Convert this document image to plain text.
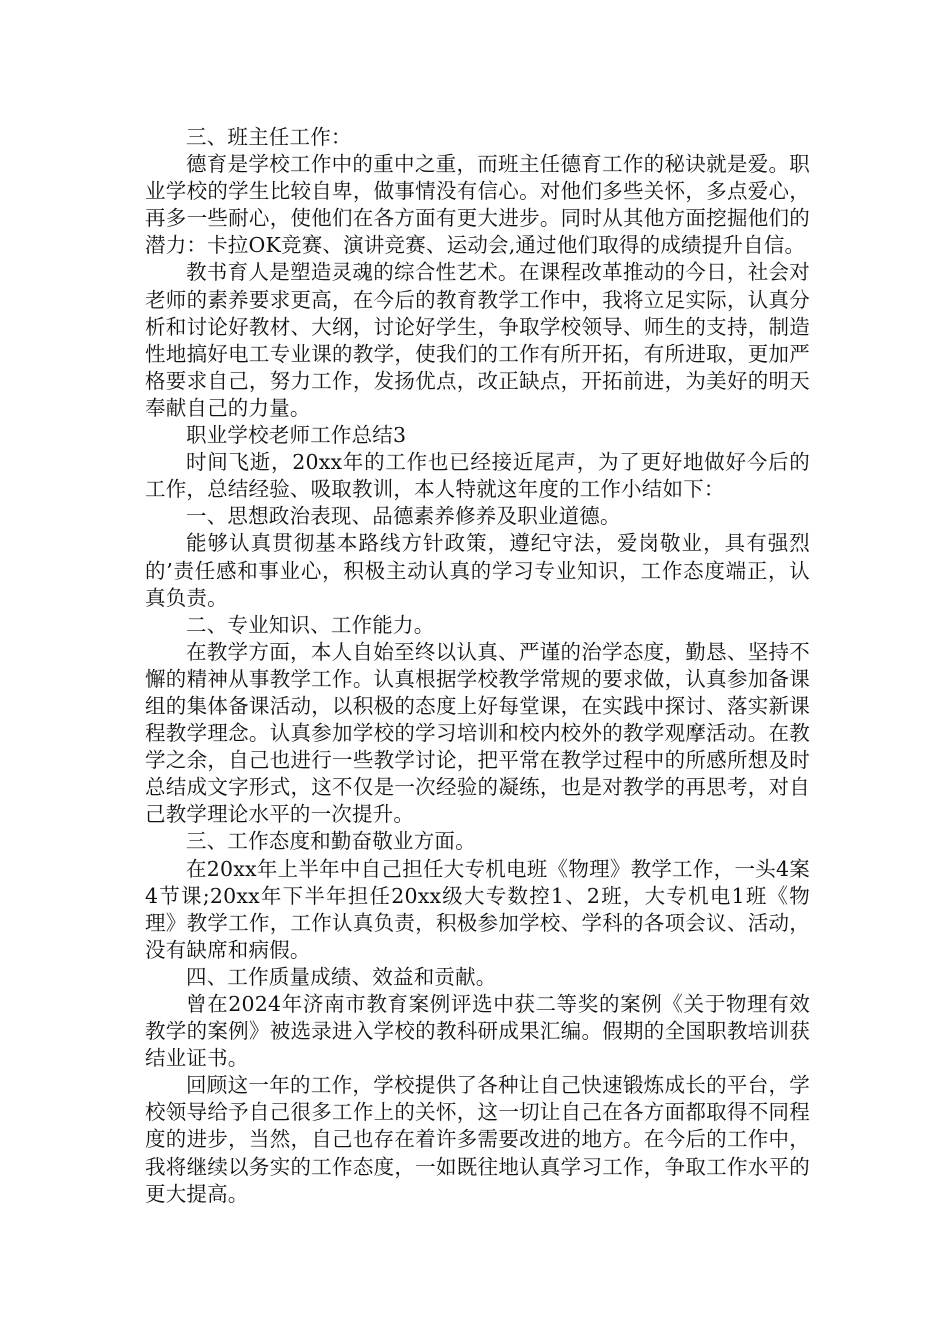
三、班主任工作：

德育是学校工作中的重中之重，而班主任德育工作的秘诀就是爱。职业学校的学生比较自卑，做事情没有信心。对他们多些关怀，多点爱心，再多一些耐心，使他们在各方面有更大进步。同时从其他方面挖掘他们的潜力：卡拉OK竞赛、演讲竞赛、运动会,通过他们取得的成绩提升自信。

教书育人是塑造灵魂的综合性艺术。在课程改革推动的今日，社会对老师的素养要求更高，在今后的教育教学工作中，我将立足实际，认真分析和讨论好教材、大纲，讨论好学生，争取学校领导、师生的支持，制造性地搞好电工专业课的教学，使我们的工作有所开拓，有所进取，更加严格要求自己，努力工作，发扬优点，改正缺点，开拓前进，为美好的明天奉献自己的力量。

职业学校老师工作总结3

时间飞逝，20xx年的工作也已经接近尾声，为了更好地做好今后的工作，总结经验、吸取教训，本人特就这年度的工作小结如下：

一、思想政治表现、品德素养修养及职业道德。

能够认真贯彻基本路线方针政策，遵纪守法，爱岗敬业，具有强烈的’责任感和事业心，积极主动认真的学习专业知识，工作态度端正，认真负责。

二、专业知识、工作能力。

在教学方面，本人自始至终以认真、严谨的治学态度，勤恳、坚持不懈的精神从事教学工作。认真根据学校教学常规的要求做，认真参加备课组的集体备课活动，以积极的态度上好每堂课，在实践中探讨、落实新课程教学理念。认真参加学校的学习培训和校内校外的教学观摩活动。在教学之余，自己也进行一些教学讨论，把平常在教学过程中的所感所想及时总结成文字形式，这不仅是一次经验的凝练，也是对教学的再思考，对自己教学理论水平的一次提升。

三、工作态度和勤奋敬业方面。

在20xx年上半年中自己担任大专机电班《物理》教学工作，一头4案4节课;20xx年下半年担任20xx级大专数控1、2班，大专机电1班《物理》教学工作，工作认真负责，积极参加学校、学科的各项会议、活动，没有缺席和病假。

四、工作质量成绩、效益和贡献。

曾在2024年济南市教育案例评选中获二等奖的案例《关于物理有效教学的案例》被选录进入学校的教科研成果汇编。假期的全国职教培训获结业证书。

回顾这一年的工作，学校提供了各种让自己快速锻炼成长的平台，学校领导给予自己很多工作上的关怀，这一切让自己在各方面都取得不同程度的进步，当然，自己也存在着许多需要改进的地方。在今后的工作中，我将继续以务实的工作态度，一如既往地认真学习工作，争取工作水平的更大提高。
